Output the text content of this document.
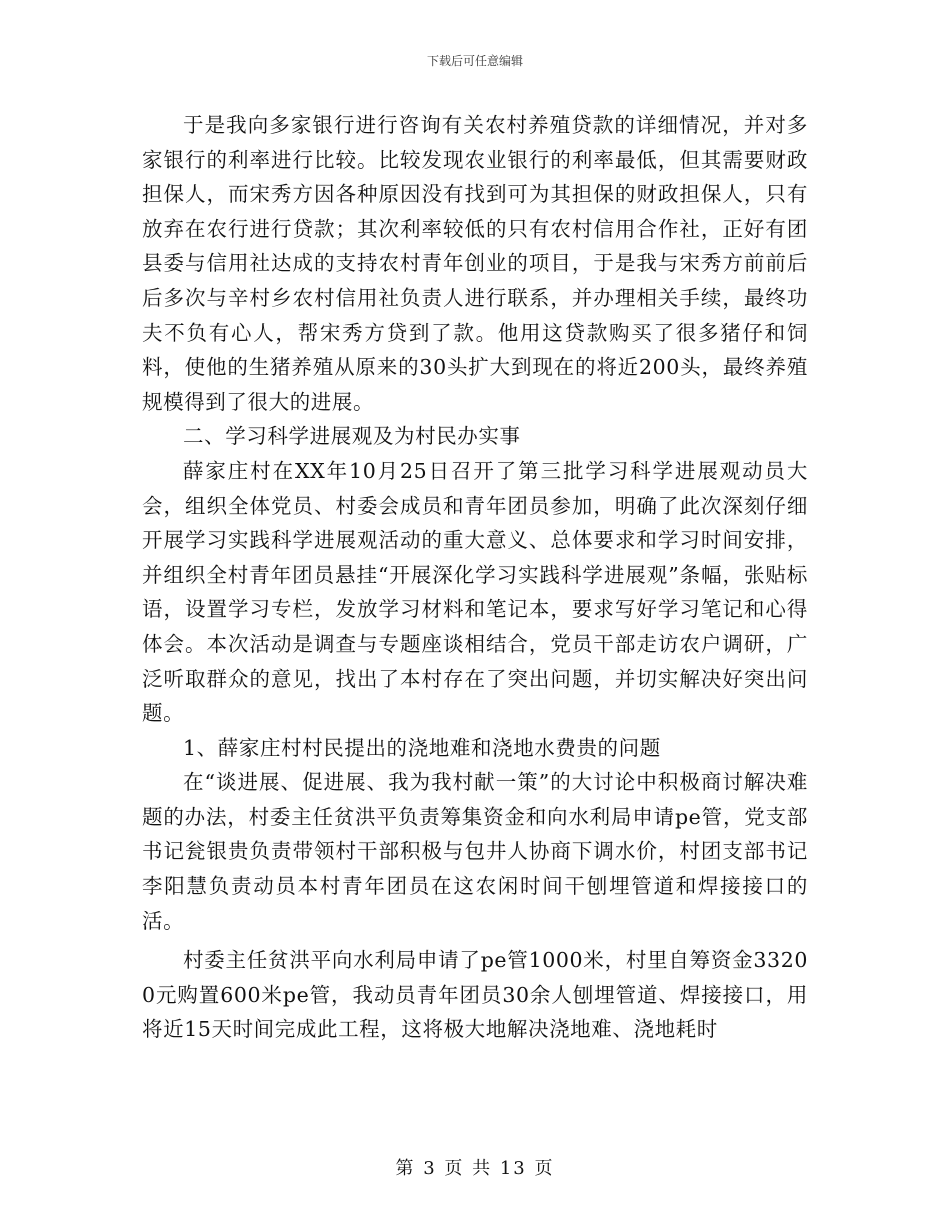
下载后可任意编辑

于是我向多家银行进行咨询有关农村养殖贷款的详细情况，并对多家银行的利率进行比较。比较发现农业银行的利率最低，但其需要财政担保人，而宋秀方因各种原因没有找到可为其担保的财政担保人，只有放弃在农行进行贷款；其次利率较低的只有农村信用合作社，正好有团县委与信用社达成的支持农村青年创业的项目，于是我与宋秀方前前后后多次与辛村乡农村信用社负责人进行联系，并办理相关手续，最终功夫不负有心人，帮宋秀方贷到了款。他用这贷款购买了很多猪仔和饲料，使他的生猪养殖从原来的30头扩大到现在的将近200头，最终养殖规模得到了很大的进展。

二、学习科学进展观及为村民办实事

薛家庄村在XX年10月25日召开了第三批学习科学进展观动员大会，组织全体党员、村委会成员和青年团员参加，明确了此次深刻仔细开展学习实践科学进展观活动的重大意义、总体要求和学习时间安排，并组织全村青年团员悬挂“开展深化学习实践科学进展观”条幅，张贴标语，设置学习专栏，发放学习材料和笔记本，要求写好学习笔记和心得体会。本次活动是调查与专题座谈相结合，党员干部走访农户调研，广泛听取群众的意见，找出了本村存在了突出问题，并切实解决好突出问题。

1、薛家庄村村民提出的浇地难和浇地水费贵的问题

在“谈进展、促进展、我为我村献一策”的大讨论中积极商讨解决难题的办法，村委主任贫洪平负责筹集资金和向水利局申请pe管，党支部书记瓮银贵负责带领村干部积极与包井人协商下调水价，村团支部书记李阳慧负责动员本村青年团员在这农闲时间干刨埋管道和焊接接口的活。

村委主任贫洪平向水利局申请了pe管1000米，村里自筹资金33200元购置600米pe管，我动员青年团员30余人刨埋管道、焊接接口，用将近15天时间完成此工程，这将极大地解决浇地难、浇地耗时

第 3 页 共 13 页
